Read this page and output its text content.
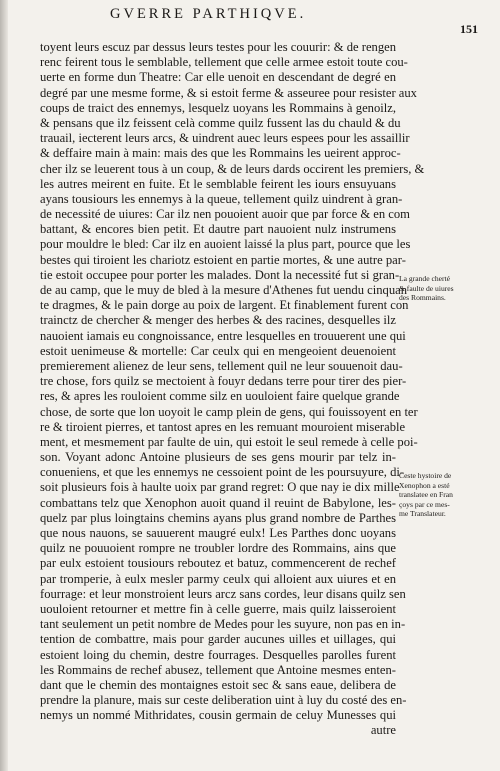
GVERRE PARTHIQVE.
151
toyent leurs escuz par dessus leurs testes pour les couurir: & de rengen
renc feirent tous le semblable, tellement que celle armee estoit toute cou-
uerte en forme dun Theatre: Car elle uenoit en descendant de degré en
degré par une mesme forme, & si estoit ferme & asseuree pour resister aux
coups de traict des ennemys, lesquelz uoyans les Rommains à genoilz,
& pensans que ilz feissent celà comme quilz fussent las du chauld & du
trauail, iecterent leurs arcs, & uindrent auec leurs espees pour les assaillir
& deffaire main à main: mais des que les Rommains les ueirent approc-
cher ilz se leuerent tous à un coup, & de leurs dards occirent les premiers, &
les autres meirent en fuite. Et le semblable feirent les iours ensuyuans
ayans tousiours les ennemys à la queue, tellement quilz uindrent à gran-
de necessité de uiures: Car ilz nen pouoient auoir que par force & en com
battant, & encores bien petit. Et dautre part nauoient nulz instrumens
pour mouldre le bled: Car ilz en auoient laissé la plus part, pource que les
bestes qui tiroient les chariotz estoient en partie mortes, & une autre par-
tie estoit occupee pour porter les malades. Dont la necessité fut si gran-
de au camp, que le muy de bled à la mesure d'Athenes fut uendu cinquan
te dragmes, & le pain dorge au poix de largent. Et finablement furent con
trainctz de chercher & menger des herbes & des racines, desquelles ilz
nauoient iamais eu congnoissance, entre lesquelles en trouuerent une qui
estoit uenimeuse & mortelle: Car ceulx qui en mengeoient deuenoient
premierement alienez de leur sens, tellement quil ne leur souuenoit dau-
tre chose, fors quilz se mectoient à fouyr dedans terre pour tirer des pier-
res, & apres les rouloient comme silz en uouloient faire quelque grande
chose, de sorte que lon uoyoit le camp plein de gens, qui fouissoyent en ter
re & tiroient pierres, et tantost apres en les remuant mouroient miserable
ment, et mesmement par faulte de uin, qui estoit le seul remede à celle poi-
son. Voyant adonc Antoine plusieurs de ses gens mourir par telz in-
conueniens, et que les ennemys ne cessoient point de les poursuyure, di-
soit plusieurs fois à haulte uoix par grand regret: O que nay ie dix mille
combattans telz que Xenophon auoit quand il reuint de Babylone, les-
quelz par plus loingtains chemins ayans plus grand nombre de Parthes
que nous nauons, se sauuerent maugré eulx! Les Parthes donc uoyans
quilz ne pouuoient rompre ne troubler lordre des Rommains, ains que
par eulx estoient tousiours reboutez et batuz, commencerent de rechef
par tromperie, à eulx mesler parmy ceulx qui alloient aux uiures et en
fourrage: et leur monstroient leurs arcz sans cordes, leur disans quilz sen
uouloient retourner et mettre fin à celle guerre, mais quilz laisseroient
tant seulement un petit nombre de Medes pour les suyure, non pas en in-
tention de combattre, mais pour garder aucunes uilles et uillages, qui
estoient loing du chemin, destre fourrages. Desquelles parolles furent
les Rommains de rechef abusez, tellement que Antoine mesmes enten-
dant que le chemin des montaignes estoit sec & sans eaue, delibera de
prendre la planure, mais sur ceste deliberation uint à luy du costé des en-
nemys un nommé Mithridates, cousin germain de celuy Munesses qui
autre
La grande cherté
& faulte de uiures
des Rommains.
Ceste hystoire de
Xenophon a esté
translatee en Fran
çoys par ce mes-
me Translateur.
